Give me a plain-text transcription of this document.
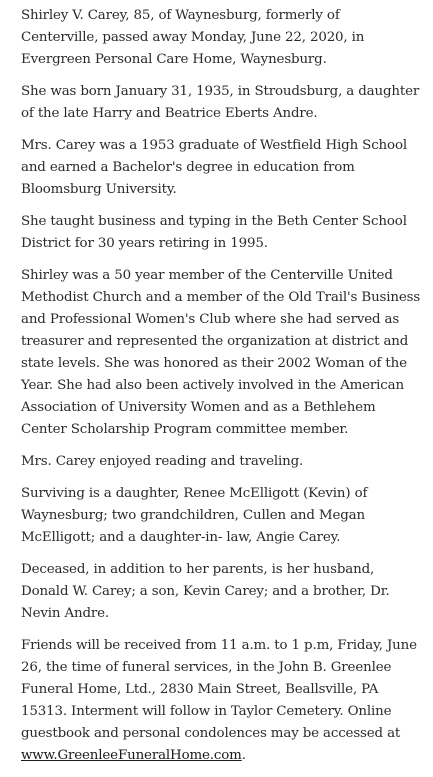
Shirley V. Carey, 85, of Waynesburg, formerly of Centerville, passed away Monday, June 22, 2020, in Evergreen Personal Care Home, Waynesburg.

She was born January 31, 1935, in Stroudsburg, a daughter of the late Harry and Beatrice Eberts Andre.

Mrs. Carey was a 1953 graduate of Westfield High School and earned a Bachelor's degree in education from Bloomsburg University.

She taught business and typing in the Beth Center School District for 30 years retiring in 1995.

Shirley was a 50 year member of the Centerville United Methodist Church and a member of the Old Trail's Business and Professional Women's Club where she had served as treasurer and represented the organization at district and state levels. She was honored as their 2002 Woman of the Year. She had also been actively involved in the American Association of University Women and as a Bethlehem Center Scholarship Program committee member.

Mrs. Carey enjoyed reading and traveling.

Surviving is a daughter, Renee McElligott (Kevin) of Waynesburg; two grandchildren, Cullen and Megan McElligott; and a daughter-in- law, Angie Carey.

Deceased, in addition to her parents, is her husband, Donald W. Carey; a son, Kevin Carey; and a brother, Dr. Nevin Andre.

Friends will be received from 11 a.m. to 1 p.m, Friday, June 26, the time of funeral services, in the John B. Greenlee Funeral Home, Ltd., 2830 Main Street, Beallsville, PA 15313. Interment will follow in Taylor Cemetery. Online guestbook and personal condolences may be accessed at www.GreenleeFuneralHome.com.
